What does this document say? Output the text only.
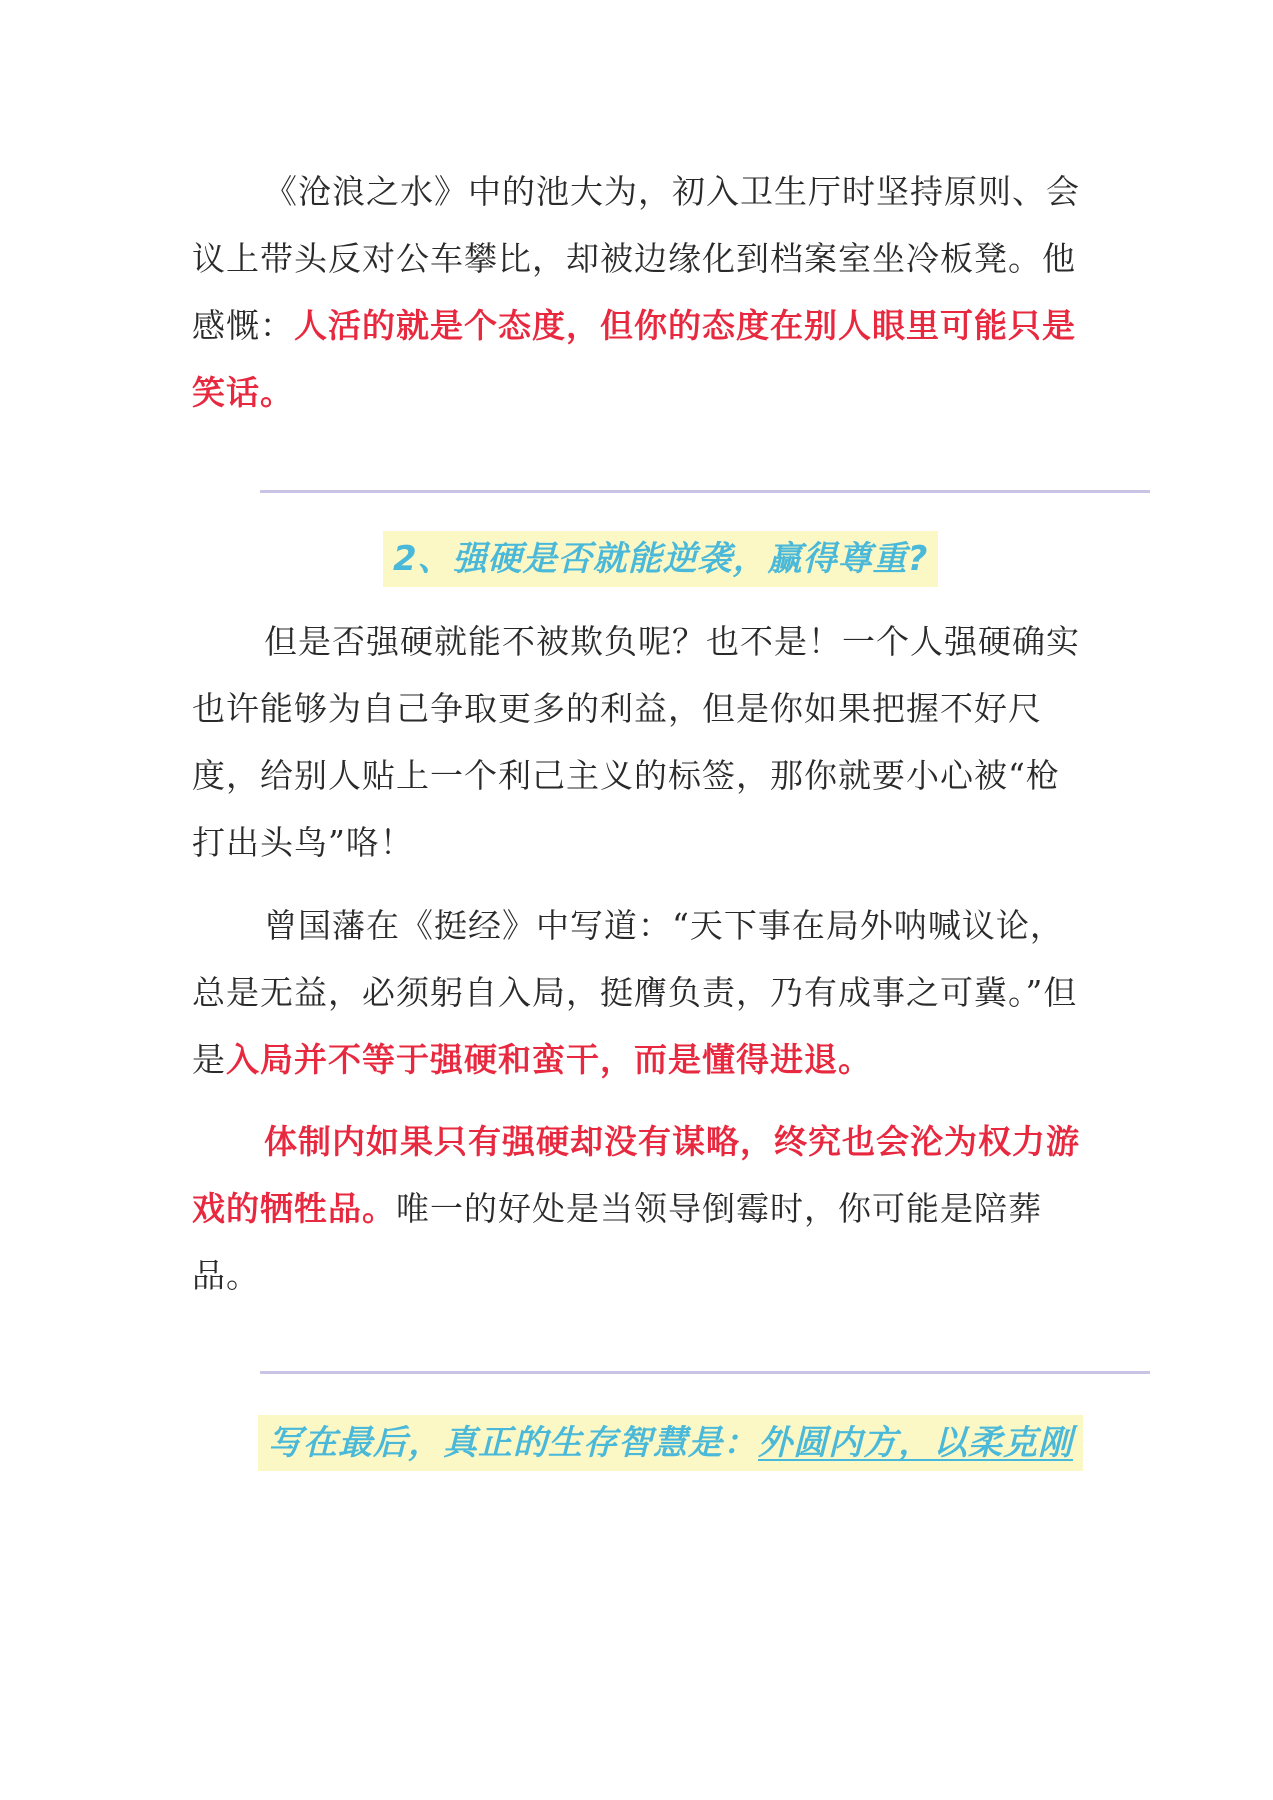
《沧浪之水》中的池大为，初入卫生厅时坚持原则、会议上带头反对公车攀比，却被边缘化到档案室坐冷板凳。他感慨：人活的就是个态度，但你的态度在别人眼里可能只是笑话。

2、强硬是否就能逆袭，赢得尊重?

但是否强硬就能不被欺负呢？也不是！一个人强硬确实也许能够为自己争取更多的利益，但是你如果把握不好尺度，给别人贴上一个利己主义的标签，那你就要小心被“枪打出头鸟”咯！

曾国藩在《挺经》中写道：“天下事在局外呐喊议论，总是无益，必须躬自入局，挺膺负责，乃有成事之可冀。”但是入局并不等于强硬和蛮干，而是懂得进退。

体制内如果只有强硬却没有谋略，终究也会沦为权力游戏的牺牲品。唯一的好处是当领导倒霉时，你可能是陪葬品。

写在最后，真正的生存智慧是：外圆内方，以柔克刚
